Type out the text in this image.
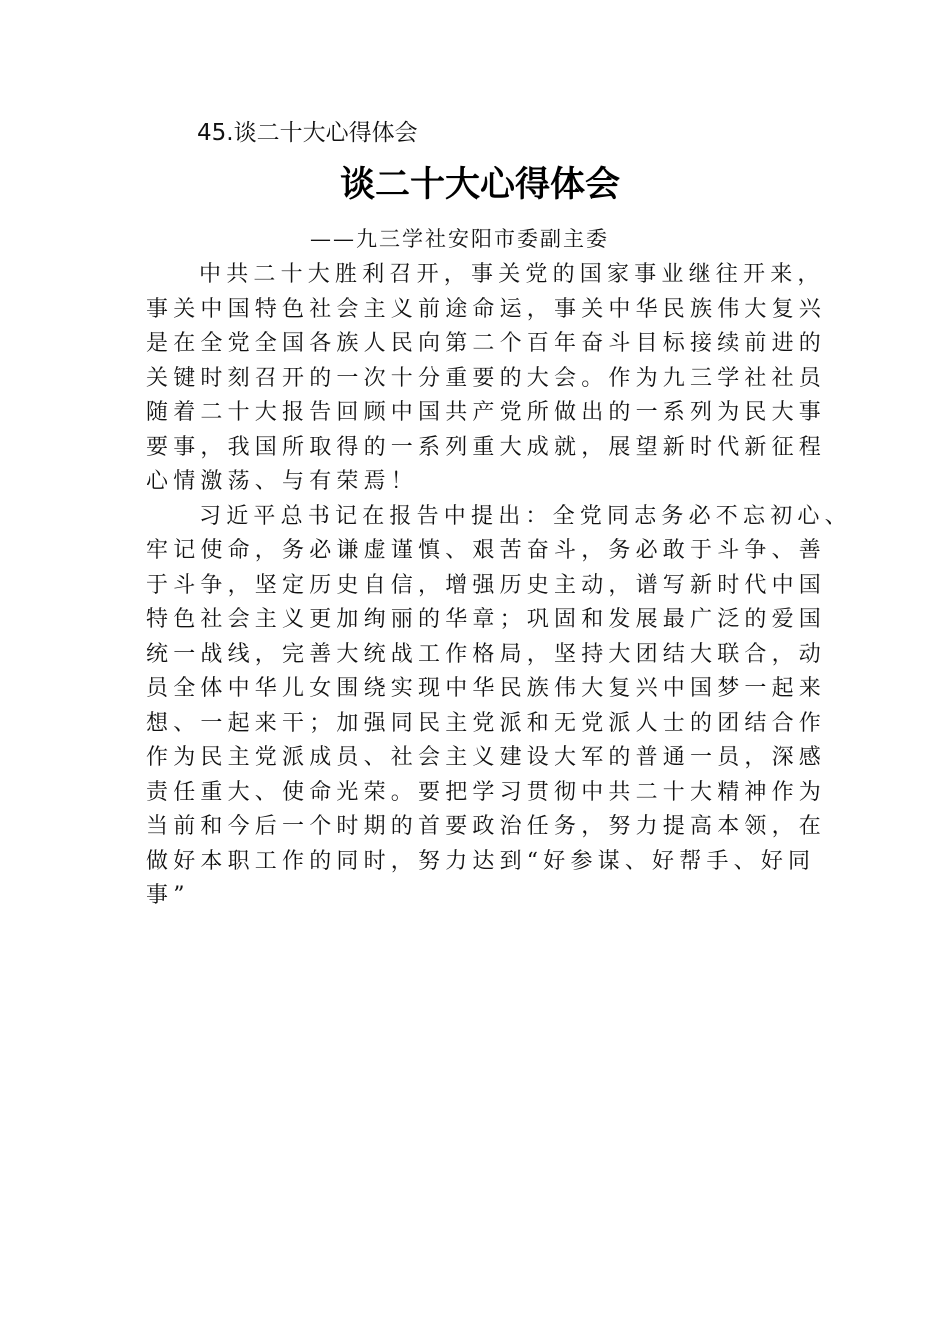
45.谈二十大心得体会
谈二十大心得体会
——九三学社安阳市委副主委
中共二十大胜利召开，事关党的国家事业继往开来，
事关中国特色社会主义前途命运，事关中华民族伟大复兴
是在全党全国各族人民向第二个百年奋斗目标接续前进的
关键时刻召开的一次十分重要的大会。作为九三学社社员
随着二十大报告回顾中国共产党所做出的一系列为民大事
要事，我国所取得的一系列重大成就，展望新时代新征程
心情激荡、与有荣焉！
习近平总书记在报告中提出：全党同志务必不忘初心、
牢记使命，务必谦虚谨慎、艰苦奋斗，务必敢于斗争、善
于斗争，坚定历史自信，增强历史主动，谱写新时代中国
特色社会主义更加绚丽的华章；巩固和发展最广泛的爱国
统一战线，完善大统战工作格局，坚持大团结大联合，动
员全体中华儿女围绕实现中华民族伟大复兴中国梦一起来
想、一起来干；加强同民主党派和无党派人士的团结合作
作为民主党派成员、社会主义建设大军的普通一员，深感
责任重大、使命光荣。要把学习贯彻中共二十大精神作为
当前和今后一个时期的首要政治任务，努力提高本领，在
做好本职工作的同时，努力达到“好参谋、好帮手、好同
事”
